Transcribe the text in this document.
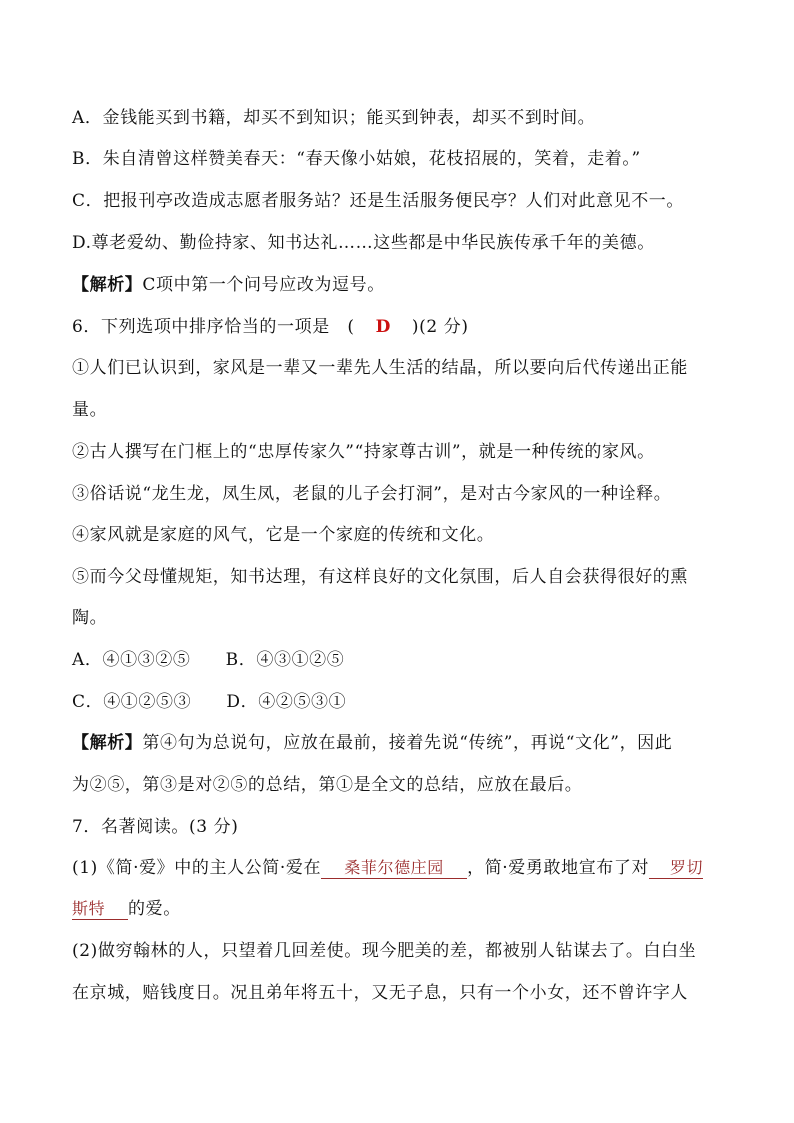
A．金钱能买到书籍，却买不到知识；能买到钟表，却买不到时间。
B．朱自清曾这样赞美春天：“春天像小姑娘，花枝招展的，笑着，走着。”
C．把报刊亭改造成志愿者服务站？还是生活服务便民亭？人们对此意见不一。
D.尊老爱幼、勤俭持家、知书达礼……这些都是中华民族传承千年的美德。
【解析】C项中第一个问号应改为逗号。
6．下列选项中排序恰当的一项是　(　D　)(2 分)
①人们已认识到，家风是一辈又一辈先人生活的结晶，所以要向后代传递出正能
量。
②古人撰写在门框上的“忠厚传家久”“持家尊古训”，就是一种传统的家风。
③俗话说“龙生龙，凤生凤，老鼠的儿子会打洞”，是对古今家风的一种诠释。
④家风就是家庭的风气，它是一个家庭的传统和文化。
⑤而今父母懂规矩，知书达理，有这样良好的文化氛围，后人自会获得很好的熏
陶。
A．④①③②⑤　　B．④③①②⑤
C．④①②⑤③　　D．④②⑤③①
【解析】第④句为总说句，应放在最前，接着先说“传统”，再说“文化”，因此
为②⑤，第③是对②⑤的总结，第①是全文的总结，应放在最后。
7．名著阅读。(3 分)
(1)《简·爱》中的主人公简·爱在 桑菲尔德庄园 ，简·爱勇敢地宣布了对 罗切
斯特 的爱。
(2)做穷翰林的人，只望着几回差使。现今肥美的差，都被别人钻谋去了。白白坐
在京城，赔钱度日。况且弟年将五十，又无子息，只有一个小女，还不曾许字人
